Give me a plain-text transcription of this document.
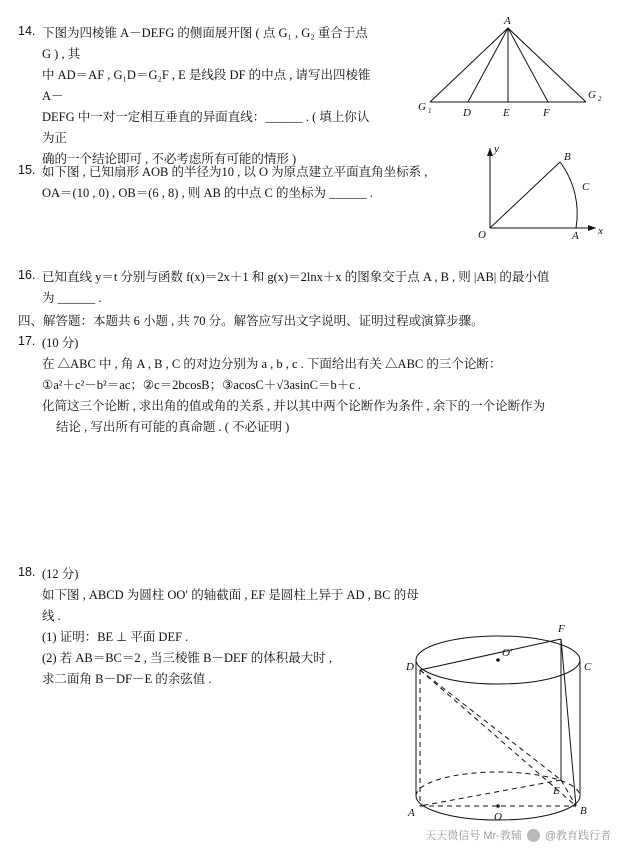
14. 下图为四棱锥 A－DEFG 的侧面展开图 ( 点 G₁ , G₂ 重合于点 G ) , 其
中 AD＝AF , G₁D＝G₂F , E 是线段 DF 的中点 , 请写出四棱锥 A－
DEFG 中一对一定相互垂直的异面直线：______ . ( 填上你认为正
确的一个结论即可 , 不必考虑所有可能的情形 )
A
G 1
G 2
D	E	F
15. 如下图 , 已知扇形 AOB 的半径为10 , 以 O 为原点建立平面直角坐标系 ,
OA＝(10 , 0) , OB＝(6 , 8) , 则 AB 的中点 C 的坐标为 ______ .
y
B
C
O	A x
16. 已知直线 y＝t 分别与函数 f(x)＝2x＋1 和 g(x)＝2lnx＋x 的图象交于点 A , B , 则 |AB| 的最小值
为 ______ .
四、解答题：本题共 6 小题 , 共 70 分。解答应写出文字说明、证明过程或演算步骤。
17. (10 分)
在 △ABC 中 , 角 A , B , C 的对边分别为 a , b , c . 下面给出有关 △ABC 的三个论断：
①a²＋c²－b²＝ac；②c＝2bcosB；③acosC＋√3asinC＝b＋c .
化简这三个论断 , 求出角的值或角的关系 , 并以其中两个论断作为条件 , 余下的一个论断作为
结论 , 写出所有可能的真命题 . ( 不必证明 )
18. (12 分)
如下图 , ABCD 为圆柱 OO′ 的轴截面 , EF 是圆柱上异于 AD , BC 的母线 .
(1) 证明：BE ⊥ 平面 DEF .
(2) 若 AB＝BC＝2 , 当三棱锥 B－DEF 的体积最大时 ,
求二面角 B－DF－E 的余弦值 .
F
D
O′
C
E
A	O	B
天天微信号 Mr-教辅 @教育践行者
